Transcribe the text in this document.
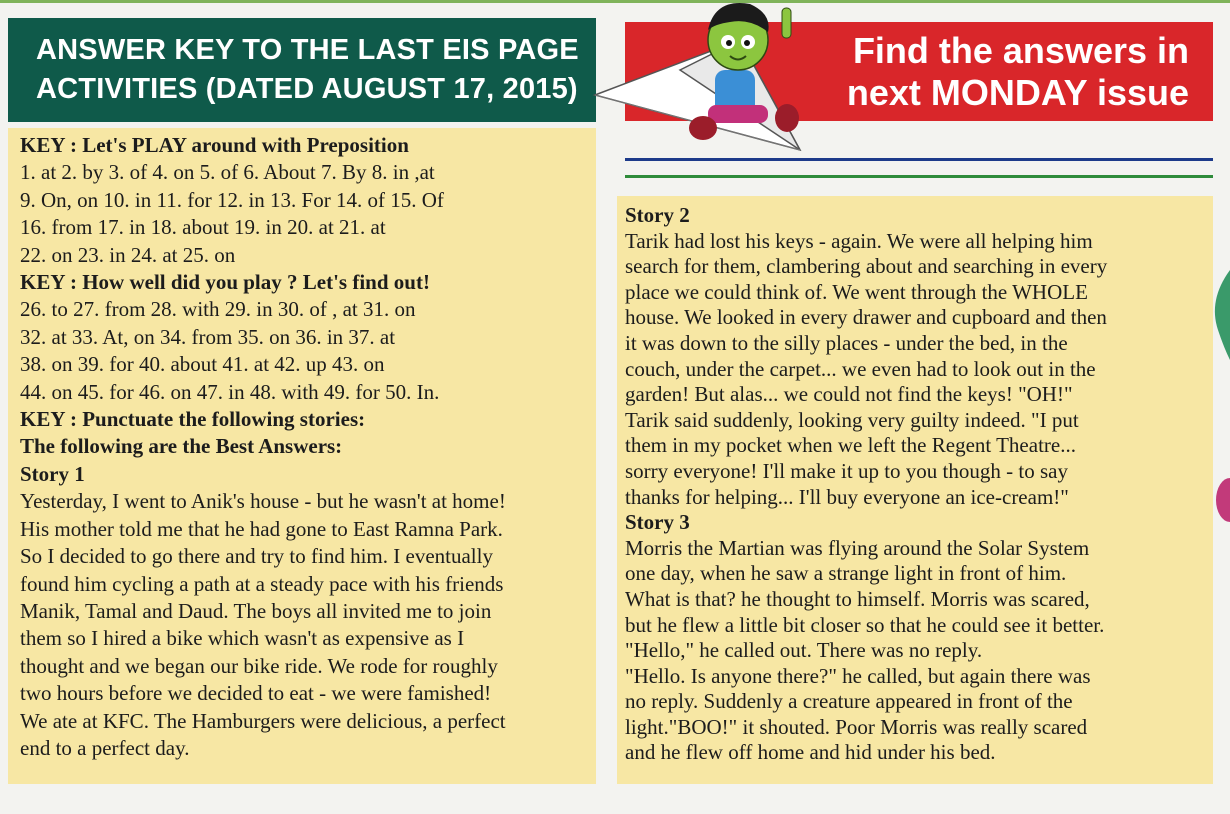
ANSWER KEY TO THE LAST EIS PAGE
ACTIVITIES (DATED AUGUST 17, 2015)
Find the answers in
next MONDAY issue
KEY : Let's PLAY around with Preposition
1. at 2. by 3. of 4. on 5. of 6. About 7. By 8. in ,at
9. On, on 10. in 11. for 12. in 13. For 14. of 15. Of
16. from 17. in 18. about 19. in 20. at 21. at
22. on 23. in 24. at 25. on
KEY : How well did you play ? Let's find out!
26. to 27. from 28. with 29. in 30. of , at 31. on
32. at 33. At, on 34. from 35. on 36. in 37. at
38. on 39. for 40. about 41. at 42. up 43. on
44. on 45. for 46. on 47. in 48. with 49. for 50. In.
KEY : Punctuate the following stories:
The following are the Best Answers:
Story 1
Yesterday, I went to Anik's house - but he wasn't at home!
His mother told me that he had gone to East Ramna Park.
So I decided to go there and try to find him. I eventually
found him cycling a path at a steady pace with his friends
Manik, Tamal and Daud. The boys all invited me to join
them so I hired a bike which wasn't as expensive as I
thought and we began our bike ride. We rode for roughly
two hours before we decided to eat - we were famished!
We ate at KFC. The Hamburgers were delicious, a perfect
end to a perfect day.
Story 2
Tarik had lost his keys - again. We were all helping him
search for them, clambering about and searching in every
place we could think of. We went through the WHOLE
house. We looked in every drawer and cupboard and then
it was down to the silly places - under the bed, in the
couch, under the carpet... we even had to look out in the
garden! But alas... we could not find the keys! "OH!"
Tarik said suddenly, looking very guilty indeed. "I put
them in my pocket when we left the Regent Theatre...
sorry everyone! I'll make it up to you though - to say
thanks for helping... I'll buy everyone an ice-cream!"
Story 3
Morris the Martian was flying around the Solar System
one day, when he saw a strange light in front of him.
What is that? he thought to himself. Morris was scared,
but he flew a little bit closer so that he could see it better.
"Hello," he called out. There was no reply.
"Hello. Is anyone there?" he called, but again there was
no reply. Suddenly a creature appeared in front of the
light."BOO!" it shouted. Poor Morris was really scared
and he flew off home and hid under his bed.
